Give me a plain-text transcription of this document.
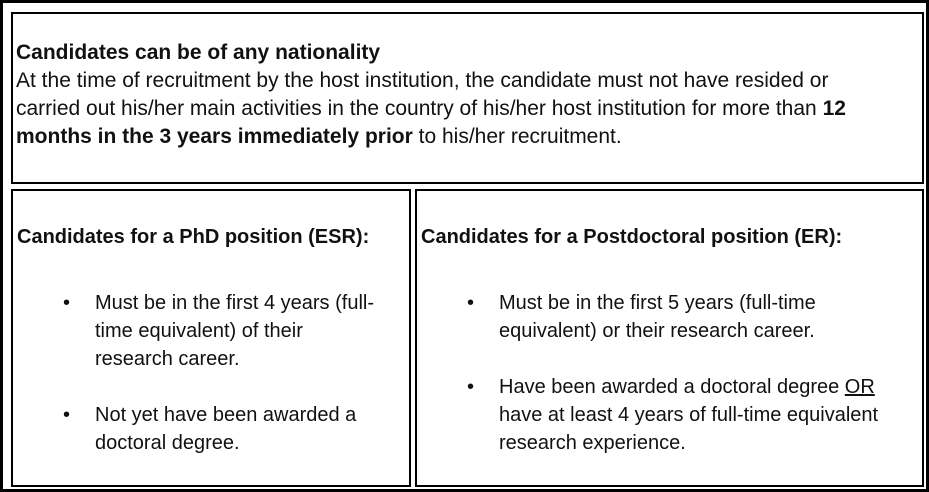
Candidates can be of any nationality

At the time of recruitment by the host institution, the candidate must not have resided or carried out his/her main activities in the country of his/her host institution for more than 12 months in the 3 years immediately prior to his/her recruitment.

Candidates for a PhD position (ESR):

• Must be in the first 4 years (full-time equivalent) of their research career.
• Not yet have been awarded a doctoral degree.

Candidates for a Postdoctoral position (ER):

• Must be in the first 5 years (full-time equivalent) or their research career.
• Have been awarded a doctoral degree OR have at least 4 years of full-time equivalent research experience.
